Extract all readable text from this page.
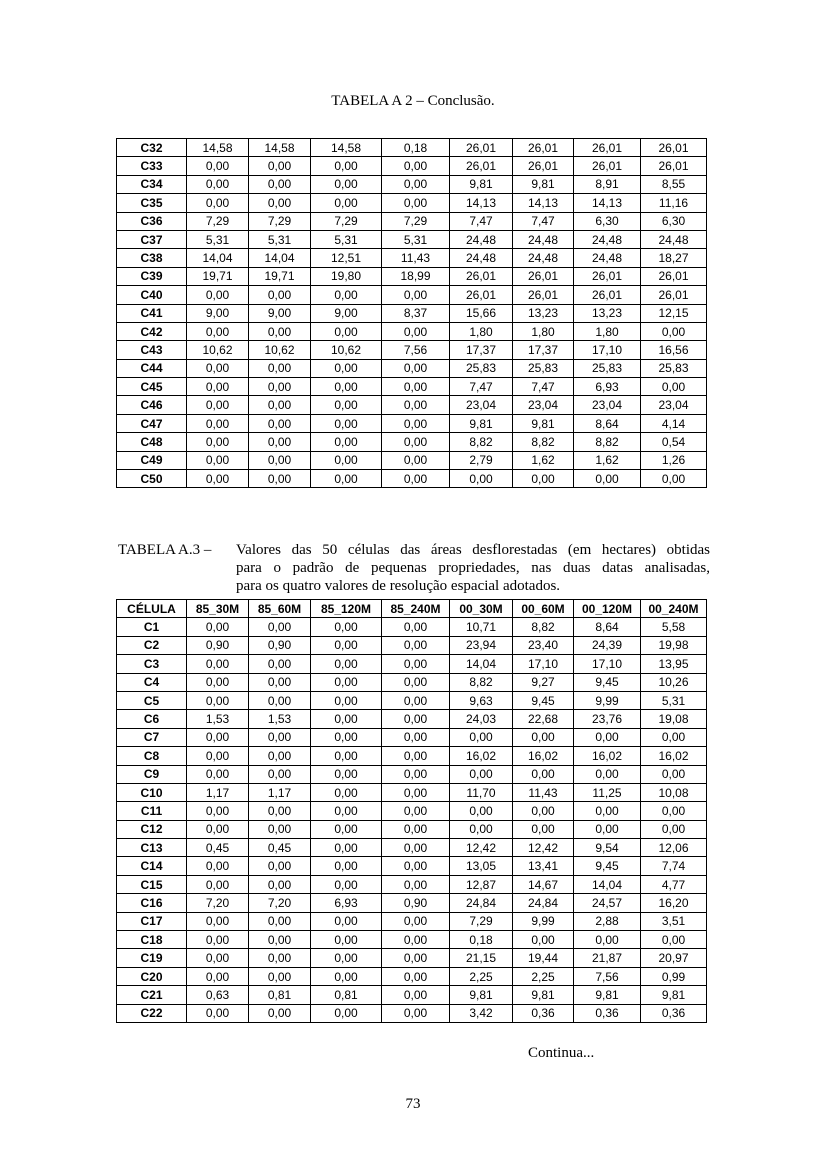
TABELA A 2 – Conclusão.
C32	14,58	14,58	14,58	0,18	26,01	26,01	26,01	26,01
C33	0,00	0,00	0,00	0,00	26,01	26,01	26,01	26,01
C34	0,00	0,00	0,00	0,00	9,81	9,81	8,91	8,55
C35	0,00	0,00	0,00	0,00	14,13	14,13	14,13	11,16
C36	7,29	7,29	7,29	7,29	7,47	7,47	6,30	6,30
C37	5,31	5,31	5,31	5,31	24,48	24,48	24,48	24,48
C38	14,04	14,04	12,51	11,43	24,48	24,48	24,48	18,27
C39	19,71	19,71	19,80	18,99	26,01	26,01	26,01	26,01
C40	0,00	0,00	0,00	0,00	26,01	26,01	26,01	26,01
C41	9,00	9,00	9,00	8,37	15,66	13,23	13,23	12,15
C42	0,00	0,00	0,00	0,00	1,80	1,80	1,80	0,00
C43	10,62	10,62	10,62	7,56	17,37	17,37	17,10	16,56
C44	0,00	0,00	0,00	0,00	25,83	25,83	25,83	25,83
C45	0,00	0,00	0,00	0,00	7,47	7,47	6,93	0,00
C46	0,00	0,00	0,00	0,00	23,04	23,04	23,04	23,04
C47	0,00	0,00	0,00	0,00	9,81	9,81	8,64	4,14
C48	0,00	0,00	0,00	0,00	8,82	8,82	8,82	0,54
C49	0,00	0,00	0,00	0,00	2,79	1,62	1,62	1,26
C50	0,00	0,00	0,00	0,00	0,00	0,00	0,00	0,00
TABELA A.3 – Valores das 50 células das áreas desflorestadas (em hectares) obtidas
para o padrão de pequenas propriedades, nas duas datas analisadas,
para os quatro valores de resolução espacial adotados.
CÉLULA	85_30M	85_60M	85_120M	85_240M	00_30M	00_60M	00_120M	00_240M
C1	0,00	0,00	0,00	0,00	10,71	8,82	8,64	5,58
C2	0,90	0,90	0,00	0,00	23,94	23,40	24,39	19,98
C3	0,00	0,00	0,00	0,00	14,04	17,10	17,10	13,95
C4	0,00	0,00	0,00	0,00	8,82	9,27	9,45	10,26
C5	0,00	0,00	0,00	0,00	9,63	9,45	9,99	5,31
C6	1,53	1,53	0,00	0,00	24,03	22,68	23,76	19,08
C7	0,00	0,00	0,00	0,00	0,00	0,00	0,00	0,00
C8	0,00	0,00	0,00	0,00	16,02	16,02	16,02	16,02
C9	0,00	0,00	0,00	0,00	0,00	0,00	0,00	0,00
C10	1,17	1,17	0,00	0,00	11,70	11,43	11,25	10,08
C11	0,00	0,00	0,00	0,00	0,00	0,00	0,00	0,00
C12	0,00	0,00	0,00	0,00	0,00	0,00	0,00	0,00
C13	0,45	0,45	0,00	0,00	12,42	12,42	9,54	12,06
C14	0,00	0,00	0,00	0,00	13,05	13,41	9,45	7,74
C15	0,00	0,00	0,00	0,00	12,87	14,67	14,04	4,77
C16	7,20	7,20	6,93	0,90	24,84	24,84	24,57	16,20
C17	0,00	0,00	0,00	0,00	7,29	9,99	2,88	3,51
C18	0,00	0,00	0,00	0,00	0,18	0,00	0,00	0,00
C19	0,00	0,00	0,00	0,00	21,15	19,44	21,87	20,97
C20	0,00	0,00	0,00	0,00	2,25	2,25	7,56	0,99
C21	0,63	0,81	0,81	0,00	9,81	9,81	9,81	9,81
C22	0,00	0,00	0,00	0,00	3,42	0,36	0,36	0,36
Continua...
73
